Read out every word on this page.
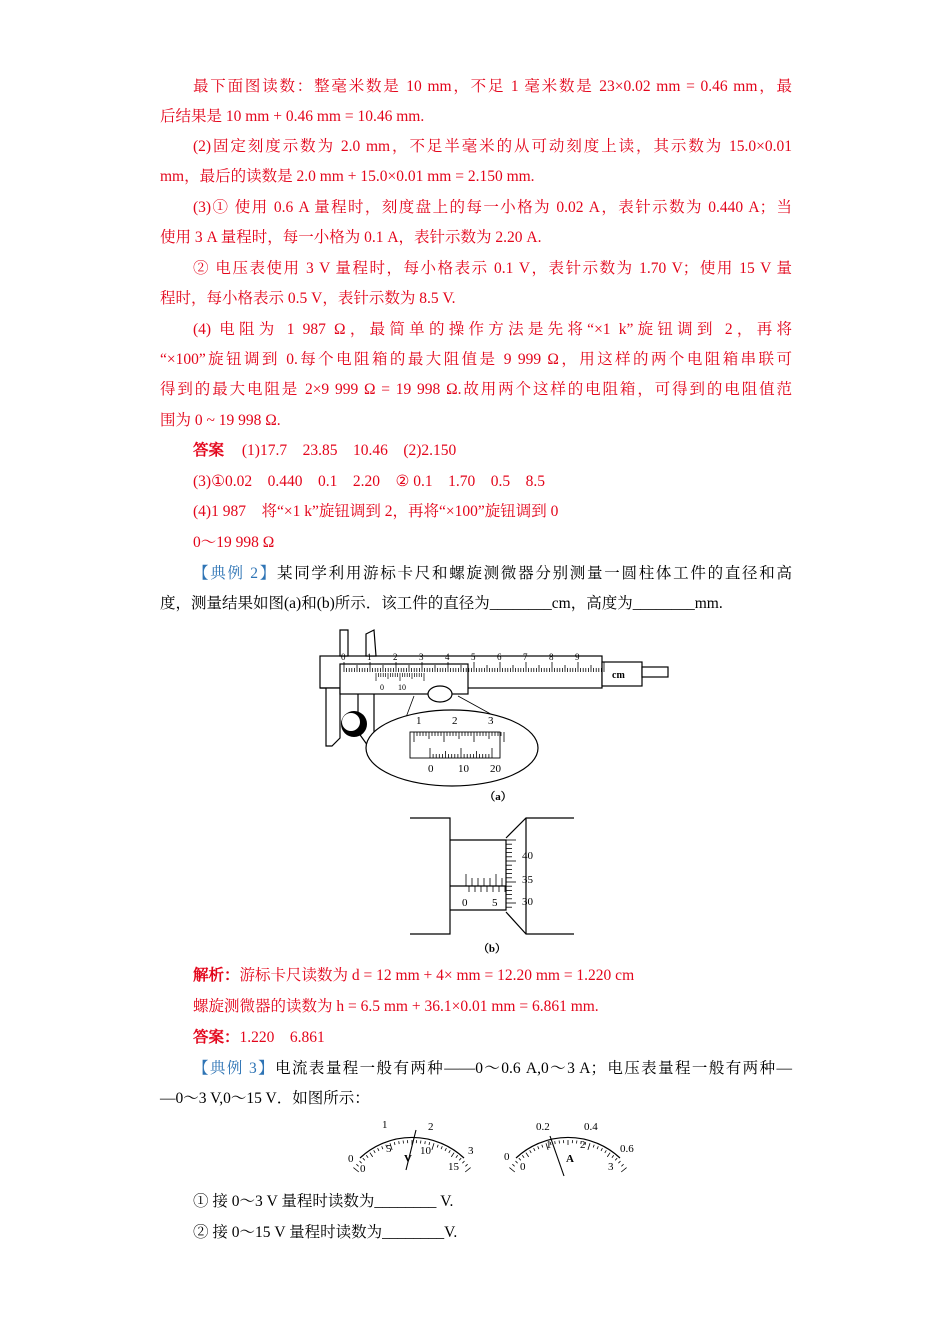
最下面图读数：整毫米数是 10 mm，不足 1 毫米数是 23×0.02 mm = 0.46 mm，最
后结果是 10 mm + 0.46 mm = 10.46 mm.
(2)固定刻度示数为 2.0 mm，不足半毫米的从可动刻度上读，其示数为 15.0×0.01
mm，最后的读数是 2.0 mm + 15.0×0.01 mm = 2.150 mm.
(3)① 使用 0.6 A 量程时，刻度盘上的每一小格为 0.02 A，表针示数为 0.440 A；当
使用 3 A 量程时，每一小格为 0.1 A，表针示数为 2.20 A.
② 电压表使用 3 V 量程时，每小格表示 0.1 V，表针示数为 1.70 V；使用 15 V 量
程时，每小格表示 0.5 V，表针示数为 8.5 V.
(4) 电阻为 1 987 Ω，最简单的操作方法是先将“×1 k”旋钮调到 2，再将
“×100”旋钮调到 0.每个电阻箱的最大阻值是 9 999 Ω，用这样的两个电阻箱串联可
得到的最大电阻是 2×9 999 Ω = 19 998 Ω.故用两个这样的电阻箱，可得到的电阻值范
围为 0 ~ 19 998 Ω.
答案 (1)17.7　23.85　10.46　(2)2.150
(3)①0.02　0.440　0.1　2.20　② 0.1　1.70　0.5　8.5
(4)1 987　将“×1 k”旋钮调到 2，再将“×100”旋钮调到 0
0～19 998 Ω
【典例 2】某同学利用游标卡尺和螺旋测微器分别测量一圆柱体工件的直径和高
度，测量结果如图(a)和(b)所示．该工件的直径为________cm，高度为________mm.
解析：游标卡尺读数为 d = 12 mm + 4× mm = 12.20 mm = 1.220 cm
螺旋测微器的读数为 h = 6.5 mm + 36.1×0.01 mm = 6.861 mm.
答案：1.220　6.861
【典例 3】电流表量程一般有两种——0～0.6 A,0～3 A；电压表量程一般有两种—
—0～3 V,0～15 V．如图所示：
① 接 0～3 V 量程时读数为________ V.
② 接 0～15 V 量程时读数为________V.
0 1 2 3 4 5 6 7 8 9
cm
0 10
1	2	3
0 10 20
（a）
0 5
40
35
30
（b）
0
1	2
3
0
5	10
15
V	0
0.2	0.4
0.6
0
1	2
3
A
